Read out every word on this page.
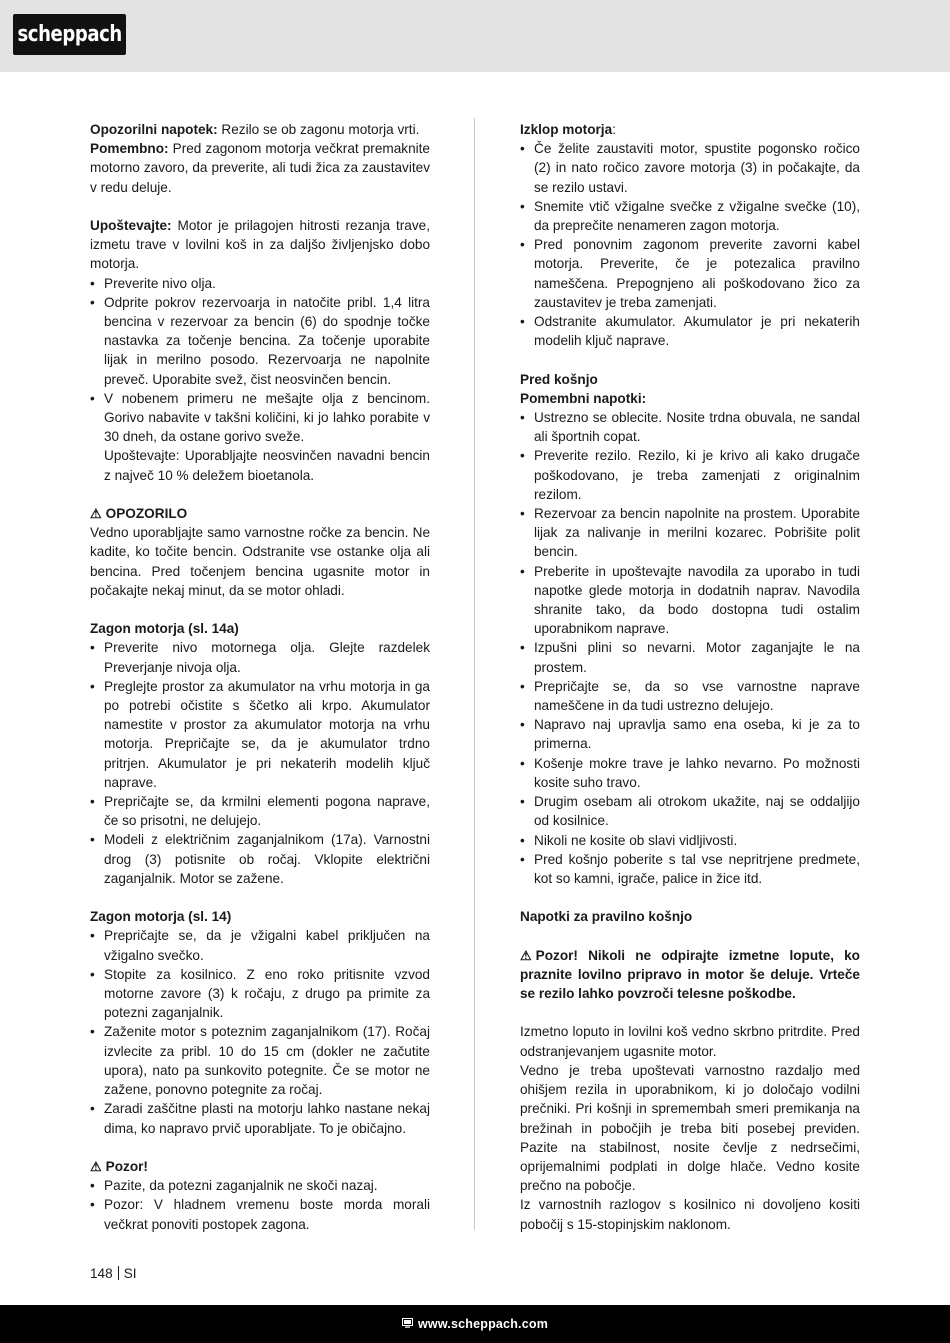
scheppach

Opozorilni napotek: Rezilo se ob zagonu motorja vrti.
Pomembno: Pred zagonom motorja večkrat premaknite motorno zavoro, da preverite, ali tudi žica za zaustavitev v redu deluje.

Upoštevajte: Motor je prilagojen hitrosti rezanja trave, izmetu trave v lovilni koš in za daljšo življenjsko dobo motorja.

• Preverite nivo olja.
• Odprite pokrov rezervoarja in natočite pribl. 1,4 litra bencina v rezervoar za bencin (6) do spodnje točke nastavka za točenje bencina. Za točenje uporabite lijak in merilno posodo. Rezervoarja ne napolnite preveč. Uporabite svež, čist neosvinčen bencin.
• V nobenem primeru ne mešajte olja z bencinom. Gorivo nabavite v takšni količini, ki jo lahko porabite v 30 dneh, da ostane gorivo sveže.
Upoštevajte: Uporabljajte neosvinčen navadni bencin z največ 10 % deležem bioetanola.

⚠ OPOZORILO

Vedno uporabljajte samo varnostne ročke za bencin. Ne kadite, ko točite bencin. Odstranite vse ostanke olja ali bencina. Pred točenjem bencina ugasnite motor in počakajte nekaj minut, da se motor ohladi.

Zagon motorja (sl. 14a)

• Preverite nivo motornega olja. Glejte razdelek Preverjanje nivoja olja.
• Preglejte prostor za akumulator na vrhu motorja in ga po potrebi očistite s ščetko ali krpo. Akumulator namestite v prostor za akumulator motorja na vrhu motorja. Prepričajte se, da je akumulator trdno pritrjen. Akumulator je pri nekaterih modelih ključ naprave.
• Prepričajte se, da krmilni elementi pogona naprave, če so prisotni, ne delujejo.
• Modeli z električnim zaganjalnikom (17a). Varnostni drog (3) potisnite ob ročaj. Vklopite električni zaganjalnik. Motor se zažene.

Zagon motorja (sl. 14)

• Prepričajte se, da je vžigalni kabel priključen na vžigalno svečko.
• Stopite za kosilnico. Z eno roko pritisnite vzvod motorne zavore (3) k ročaju, z drugo pa primite za potezni zaganjalnik.
• Zaženite motor s poteznim zaganjalnikom (17). Ročaj izvlecite za pribl. 10 do 15 cm (dokler ne začutite upora), nato pa sunkovito potegnite. Če se motor ne zažene, ponovno potegnite za ročaj.
• Zaradi zaščitne plasti na motorju lahko nastane nekaj dima, ko napravo prvič uporabljate. To je običajno.

⚠ Pozor!

• Pazite, da potezni zaganjalnik ne skoči nazaj.
• Pozor: V hladnem vremenu boste morda morali večkrat ponoviti postopek zagona.

Izklop motorja:

• Če želite zaustaviti motor, spustite pogonsko ročico (2) in nato ročico zavore motorja (3) in počakajte, da se rezilo ustavi.
• Snemite vtič vžigalne svečke z vžigalne svečke (10), da preprečite nenameren zagon motorja.
• Pred ponovnim zagonom preverite zavorni kabel motorja. Preverite, če je potezalica pravilno nameščena. Prepognjeno ali poškodovano žico za zaustavitev je treba zamenjati.
• Odstranite akumulator. Akumulator je pri nekaterih modelih ključ naprave.

Pred košnjo

Pomembni napotki:

• Ustrezno se oblecite. Nosite trdna obuvala, ne sandal ali športnih copat.
• Preverite rezilo. Rezilo, ki je krivo ali kako drugače poškodovano, je treba zamenjati z originalnim rezilom.
• Rezervoar za bencin napolnite na prostem. Uporabite lijak za nalivanje in merilni kozarec. Pobrišite polit bencin.
• Preberite in upoštevajte navodila za uporabo in tudi napotke glede motorja in dodatnih naprav. Navodila shranite tako, da bodo dostopna tudi ostalim uporabnikom naprave.
• Izpušni plini so nevarni. Motor zaganjajte le na prostem.
• Prepričajte se, da so vse varnostne naprave nameščene in da tudi ustrezno delujejo.
• Napravo naj upravlja samo ena oseba, ki je za to primerna.
• Košenje mokre trave je lahko nevarno. Po možnosti kosite suho travo.
• Drugim osebam ali otrokom ukažite, naj se oddaljijo od kosilnice.
• Nikoli ne kosite ob slavi vidljivosti.
• Pred košnjo poberite s tal vse nepritrjene predmete, kot so kamni, igrače, palice in žice itd.

Napotki za pravilno košnjo

⚠ Pozor! Nikoli ne odpirajte izmetne lopute, ko praznite lovilno pripravo in motor še deluje. Vrteče se rezilo lahko povzroči telesne poškodbe.

Izmetno loputo in lovilni koš vedno skrbno pritrdite. Pred odstranjevanjem ugasnite motor.

Vedno je treba upoštevati varnostno razdaljo med ohišjem rezila in uporabnikom, ki jo določajo vodilni prečniki. Pri košnji in spremembah smeri premikanja na brežinah in pobočjih je treba biti posebej previden. Pazite na stabilnost, nosite čevlje z nedrsečimi, oprijemalnimi podplati in dolge hlače. Vedno kosite prečno na pobočje.

Iz varnostnih razlogov s kosilnico ni dovoljeno kositi pobočij s 15-stopinjskim naklonom.

148 SI
www.scheppach.com
